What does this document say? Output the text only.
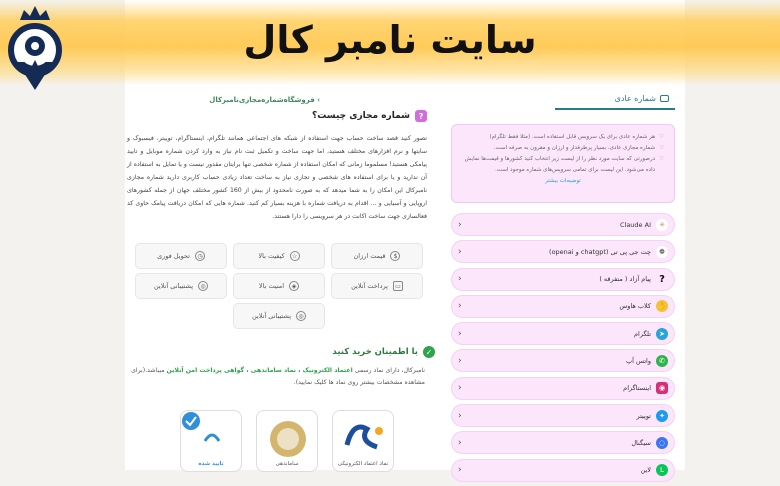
سایت نامبر کال
شماره عادی
› فروشگاه‌شماره‌مجازی‌نامبرکال
?
شماره مجازی چیست؟
تصور کنید قصد ساخت حساب جهت استفاده از شبکه های اجتماعی همانند تلگرام، اینستاگرام، توییتر، فیسبوک و سایتها و نرم افزارهای مختلف هستید، اما جهت ساخت و تکمیل ثبت نام نیاز به وارد کردن شماره موبایل و تایید پیامکی هستید! مسلموما زمانی که امکان استفاده از شماره شخصی تنها برایتان مقدور نیست و یا تمایل به استفاده از آن ندارید و یا برای استفاده های شخصی و تجاری نیاز به ساخت تعداد زیادی حساب کاربری دارید شماره مجازی نامبرکال این امکان را به شما میدهد که به صورت نامحدود از بیش از 160 کشور مختلف جهان از جمله کشورهای اروپایی و آسیایی و ... اقدام به دریافت شماره با هزینه بسیار کم کنید. شماره هایی که امکان دریافت پیامک حاوی کد فعالسازی جهت ساخت اکانت در هر سرویسی را دارا هستند.
$
قیمت ارزان
☆
کیفیت بالا
◷
تحویل فوری
▭
پرداخت آنلاین
◈
امنیت بالا
◎
پشتیبانی آنلاین
◎
پشتیبانی آنلاین
✓
با اطمینان خرید کنید
نامبرکال، دارای نماد رسمی اعتماد الکترونیک ، نماد ساماندهی ، گواهی پرداخت امن آنلاین میباشد.(برای مشاهده مشخصات بیشتر روی نماد ها کلیک نمایید).
تایید شده	ساماندهی	نماد اعتماد الکترونیکی
♡
هر شماره عادی برای یک سرویس قابل استفاده است. (مثلا فقط تلگرام)
♡
شماره مجازی عادی، بسیار پرطرفدار و ارزان و مقرون به صرفه است.
♡
درصورتی که سایت مورد نظر را از لیست زیر انتخاب کنید کشورها و قیمت‌ها نمایش داده می‌شود. این لیست برای تمامی سرویس‌های شماره موجود است.
توضیحات بیشتر
✳
Claude AI
‹
❁
چت جی پی تی (chatgpt و openai)
‹
?
پیام آزاد ( متفرقه )
‹
✋
کلاب هاوس
‹
➤
تلگرام
‹
✆
واتس آپ
‹
◉
اینستاگرام
‹
✦
توییتر
‹
◌
سیگنال
‹
L
لاین
‹
